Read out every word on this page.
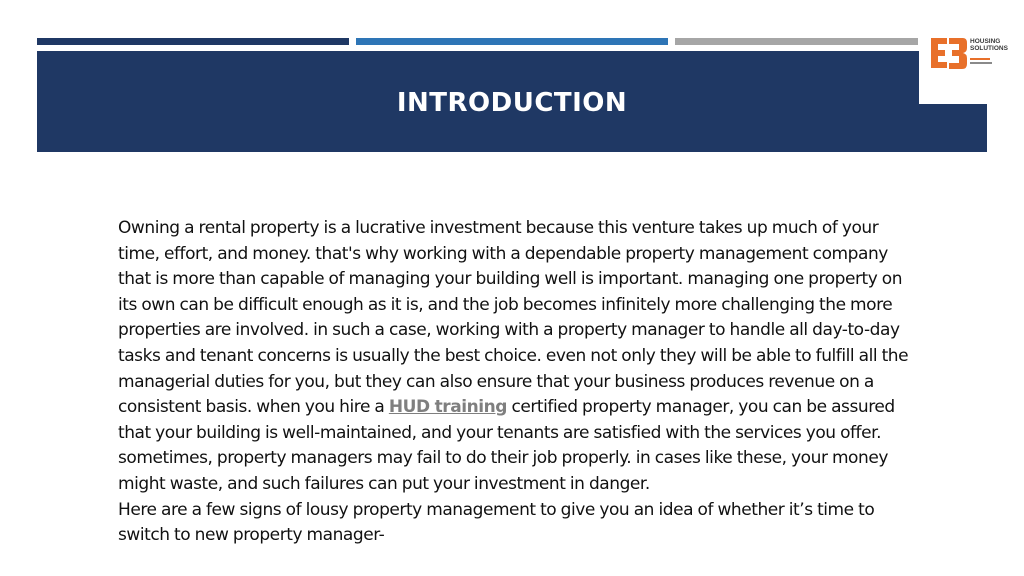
INTRODUCTION
HOUSING
SOLUTIONS

Owning a rental property is a lucrative investment because this venture takes up much of your time, effort, and money. that's why working with a dependable property management company that is more than capable of managing your building well is important. managing one property on its own can be difficult enough as it is, and the job becomes infinitely more challenging the more properties are involved. in such a case, working with a property manager to handle all day-to-day tasks and tenant concerns is usually the best choice. even not only they will be able to fulfill all the managerial duties for you, but they can also ensure that your business produces revenue on a consistent basis. when you hire a HUD training certified property manager, you can be assured that your building is well-maintained, and your tenants are satisfied with the services you offer. sometimes, property managers may fail to do their job properly. in cases like these, your money might waste, and such failures can put your investment in danger.

Here are a few signs of lousy property management to give you an idea of whether it’s time to switch to new property manager-
